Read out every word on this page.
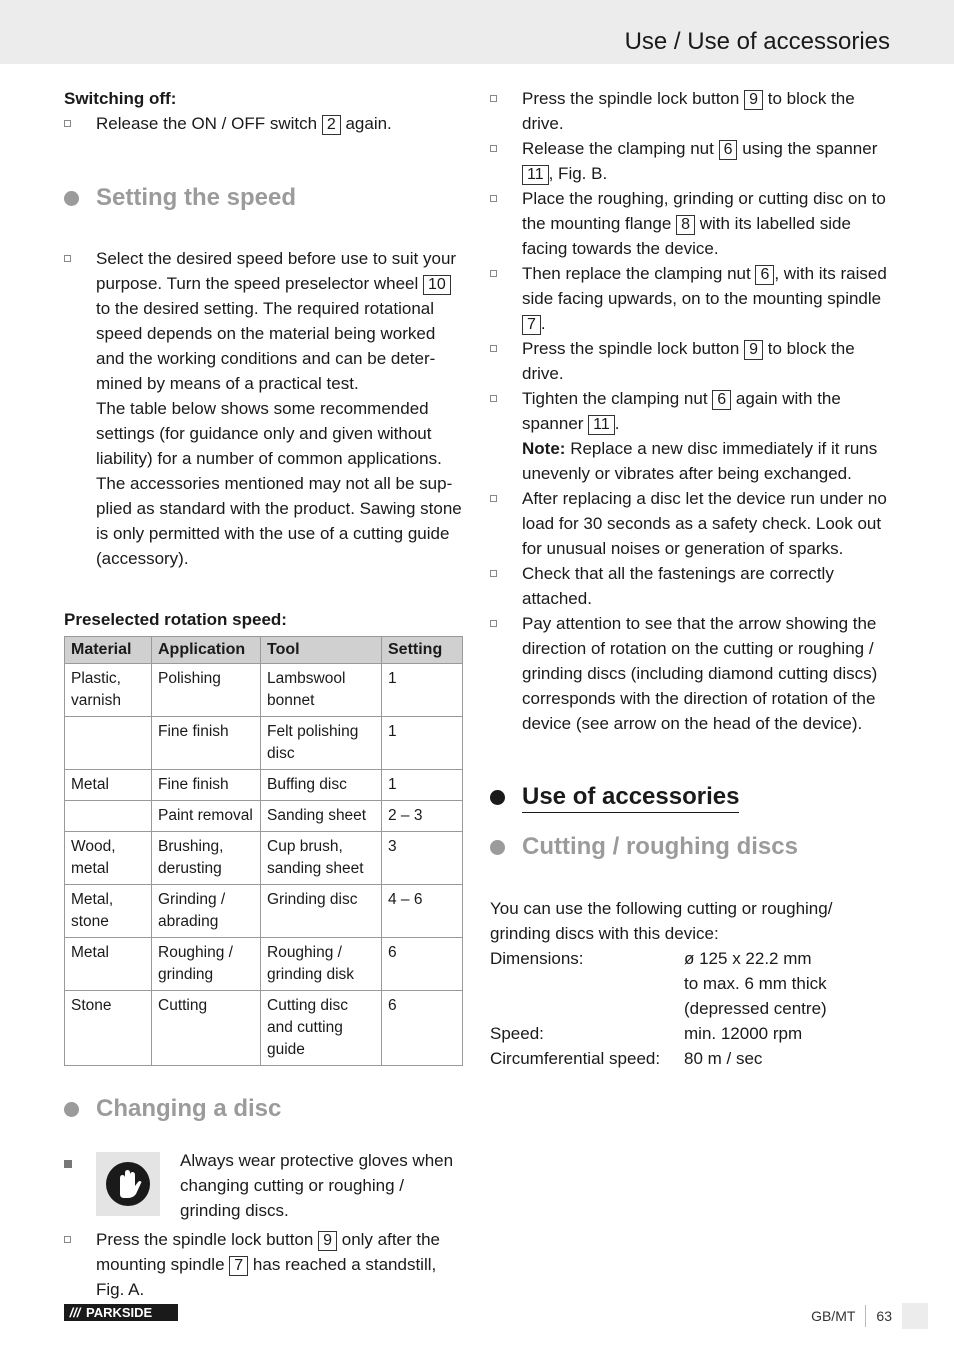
Use / Use of accessories

Switching off:

Release the ON / OFF switch 2 again.
Setting the speed
Select the desired speed before use to suit your purpose. Turn the speed preselector wheel 10 to the desired setting. The required rotational speed depends on the material being worked and the working conditions and can be deter-mined by means of a practical test.
The table below shows some recommended settings (for guidance only and given without liability) for a number of common applications. The accessories mentioned may not all be sup-plied as standard with the product. Sawing stone is only permitted with the use of a cutting guide (accessory).

Preselected rotation speed:

Material	Application	Tool	Setting
Plastic, varnish	Polishing	Lambswool bonnet	1
	Fine finish	Felt polishing disc	1
Metal	Fine finish	Buffing disc	1
	Paint removal	Sanding sheet	2 – 3
Wood, metal	Brushing, derusting	Cup brush, sanding sheet	3
Metal, stone	Grinding / abrading	Grinding disc	4 – 6
Metal	Roughing / grinding	Roughing / grinding disk	6
Stone	Cutting	Cutting disc and cutting guide	6
Changing a disc
Always wear protective gloves when changing cutting or roughing / grinding discs.
Press the spindle lock button 9 only after the mounting spindle 7 has reached a standstill, Fig. A.
Press the spindle lock button 9 to block the drive.
Release the clamping nut 6 using the spanner 11 , Fig. B.
Place the roughing, grinding or cutting disc on to the mounting flange 8 with its labelled side facing towards the device.
Then replace the clamping nut 6 , with its raised side facing upwards, on to the mounting spindle 7 .
Press the spindle lock button 9 to block the drive.
Tighten the clamping nut 6 again with the spanner 11 .
Note: Replace a new disc immediately if it runs unevenly or vibrates after being exchanged.
After replacing a disc let the device run under no load for 30 seconds as a safety check. Look out for unusual noises or generation of sparks.
Check that all the fastenings are correctly attached.
Pay attention to see that the arrow showing the direction of rotation on the cutting or roughing / grinding discs (including diamond cutting discs) corresponds with the direction of rotation of the device (see arrow on the head of the device).
Use of accessories
Cutting / roughing discs

You can use the following cutting or roughing/ grinding discs with this device:

Dimensions:	ø 125 x 22.2 mm
to max. 6 mm thick
(depressed centre)
Speed:	min. 12000 rpm
Circumferential speed:	80 m / sec
/// PARKSIDE	GB/MT 63
